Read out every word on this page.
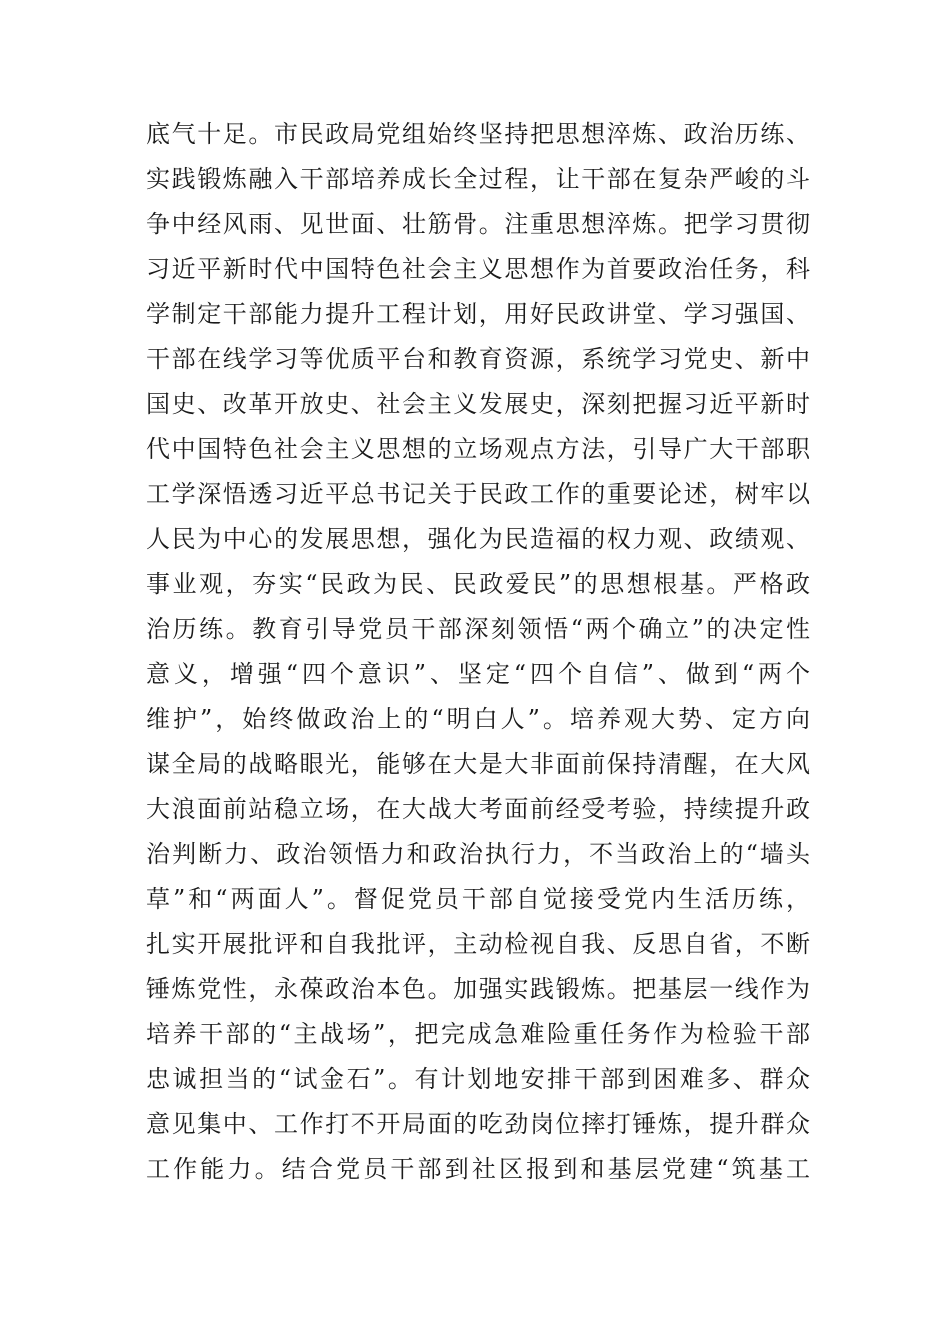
底气十足。市民政局党组始终坚持把思想淬炼、政治历练、
实践锻炼融入干部培养成长全过程，让干部在复杂严峻的斗
争中经风雨、见世面、壮筋骨。注重思想淬炼。把学习贯彻
习近平新时代中国特色社会主义思想作为首要政治任务，科
学制定干部能力提升工程计划，用好民政讲堂、学习强国、
干部在线学习等优质平台和教育资源，系统学习党史、新中
国史、改革开放史、社会主义发展史，深刻把握习近平新时
代中国特色社会主义思想的立场观点方法，引导广大干部职
工学深悟透习近平总书记关于民政工作的重要论述，树牢以
人民为中心的发展思想，强化为民造福的权力观、政绩观、
事业观，夯实“民政为民、民政爱民”的思想根基。严格政
治历练。教育引导党员干部深刻领悟“两个确立”的决定性
意义，增强“四个意识”、坚定“四个自信”、做到“两个
维护”，始终做政治上的“明白人”。培养观大势、定方向
谋全局的战略眼光，能够在大是大非面前保持清醒，在大风
大浪面前站稳立场，在大战大考面前经受考验，持续提升政
治判断力、政治领悟力和政治执行力，不当政治上的“墙头
草”和“两面人”。督促党员干部自觉接受党内生活历练，
扎实开展批评和自我批评，主动检视自我、反思自省，不断
锤炼党性，永葆政治本色。加强实践锻炼。把基层一线作为
培养干部的“主战场”，把完成急难险重任务作为检验干部
忠诚担当的“试金石”。有计划地安排干部到困难多、群众
意见集中、工作打不开局面的吃劲岗位摔打锤炼，提升群众
工作能力。结合党员干部到社区报到和基层党建“筑基工
